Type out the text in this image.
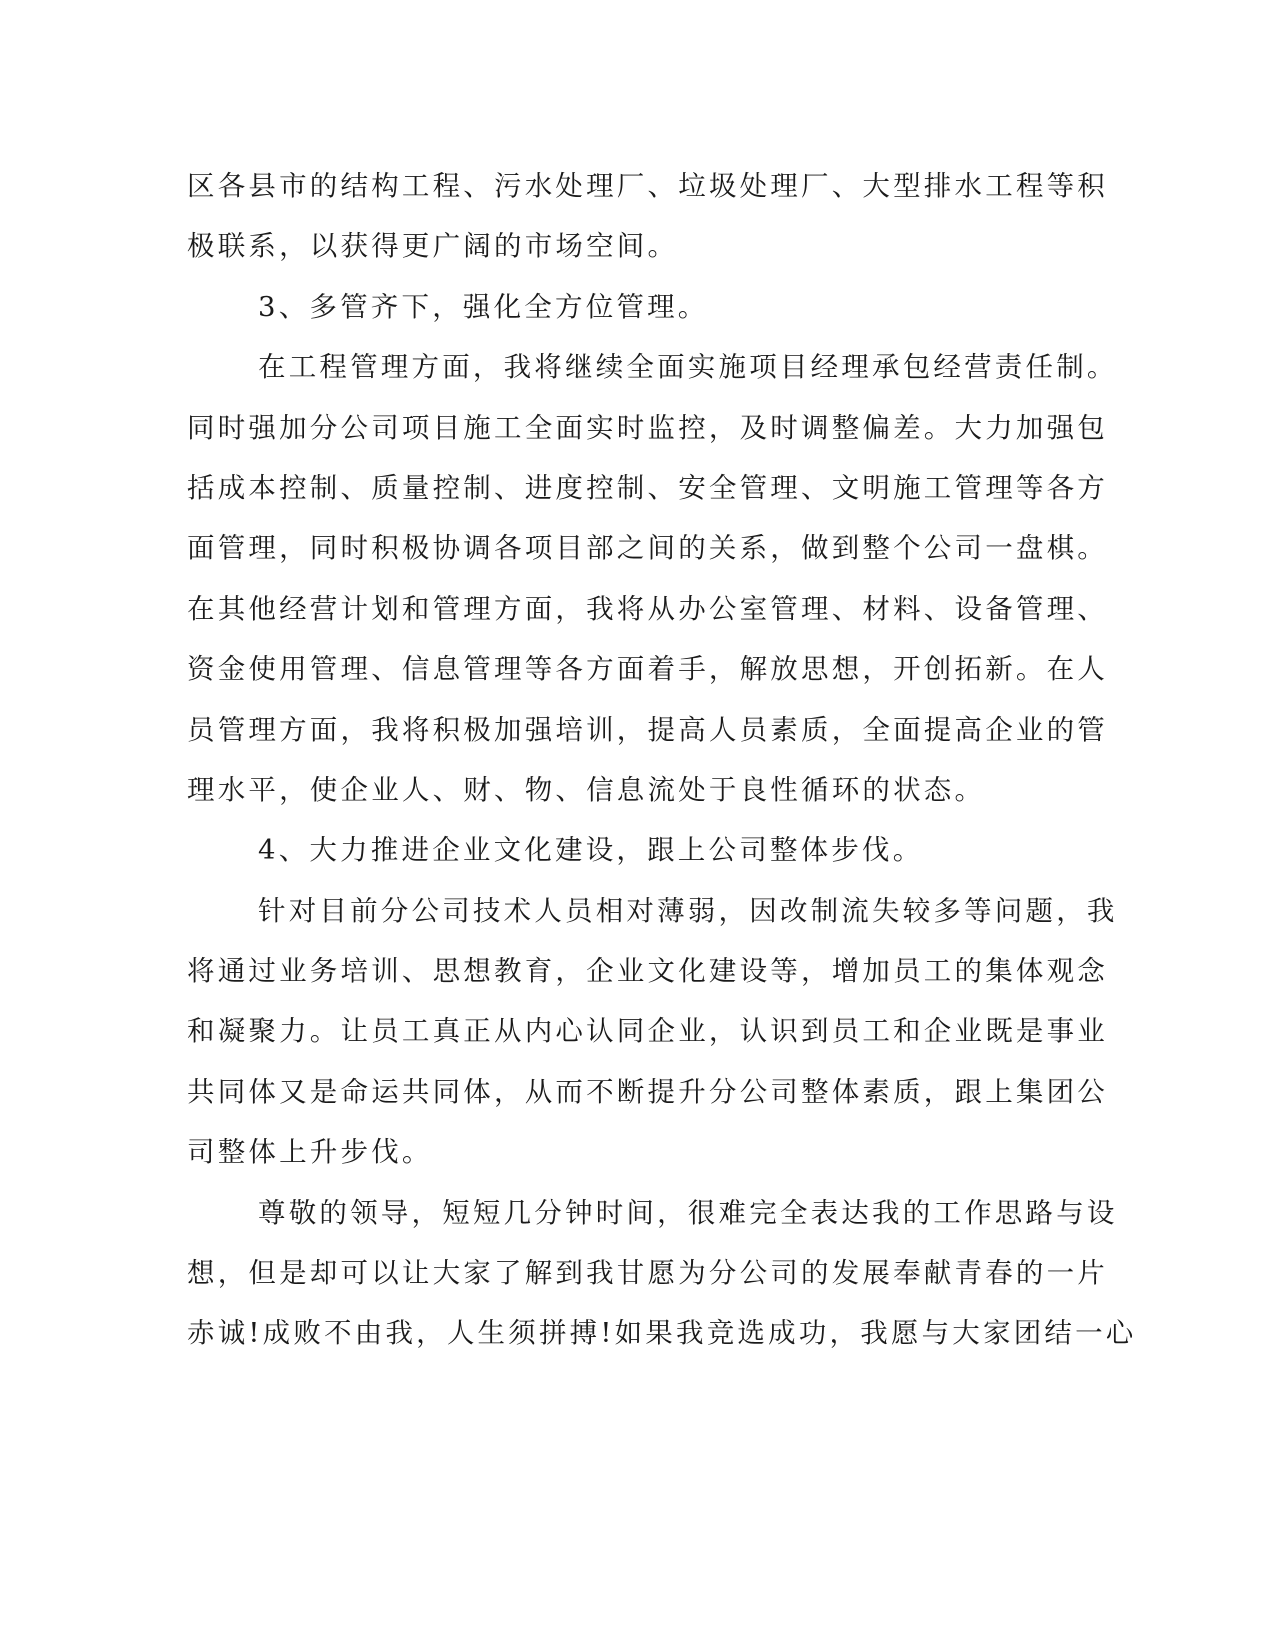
区各县市的结构工程、污水处理厂、垃圾处理厂、大型排水工程等积
极联系，以获得更广阔的市场空间。
3、多管齐下，强化全方位管理。
在工程管理方面，我将继续全面实施项目经理承包经营责任制。
同时强加分公司项目施工全面实时监控，及时调整偏差。大力加强包
括成本控制、质量控制、进度控制、安全管理、文明施工管理等各方
面管理，同时积极协调各项目部之间的关系，做到整个公司一盘棋。
在其他经营计划和管理方面，我将从办公室管理、材料、设备管理、
资金使用管理、信息管理等各方面着手，解放思想，开创拓新。在人
员管理方面，我将积极加强培训，提高人员素质，全面提高企业的管
理水平，使企业人、财、物、信息流处于良性循环的状态。
4、大力推进企业文化建设，跟上公司整体步伐。
针对目前分公司技术人员相对薄弱，因改制流失较多等问题，我
将通过业务培训、思想教育，企业文化建设等，增加员工的集体观念
和凝聚力。让员工真正从内心认同企业，认识到员工和企业既是事业
共同体又是命运共同体，从而不断提升分公司整体素质，跟上集团公
司整体上升步伐。
尊敬的领导，短短几分钟时间，很难完全表达我的工作思路与设
想，但是却可以让大家了解到我甘愿为分公司的发展奉献青春的一片
赤诚!成败不由我，人生须拼搏!如果我竞选成功，我愿与大家团结一心
